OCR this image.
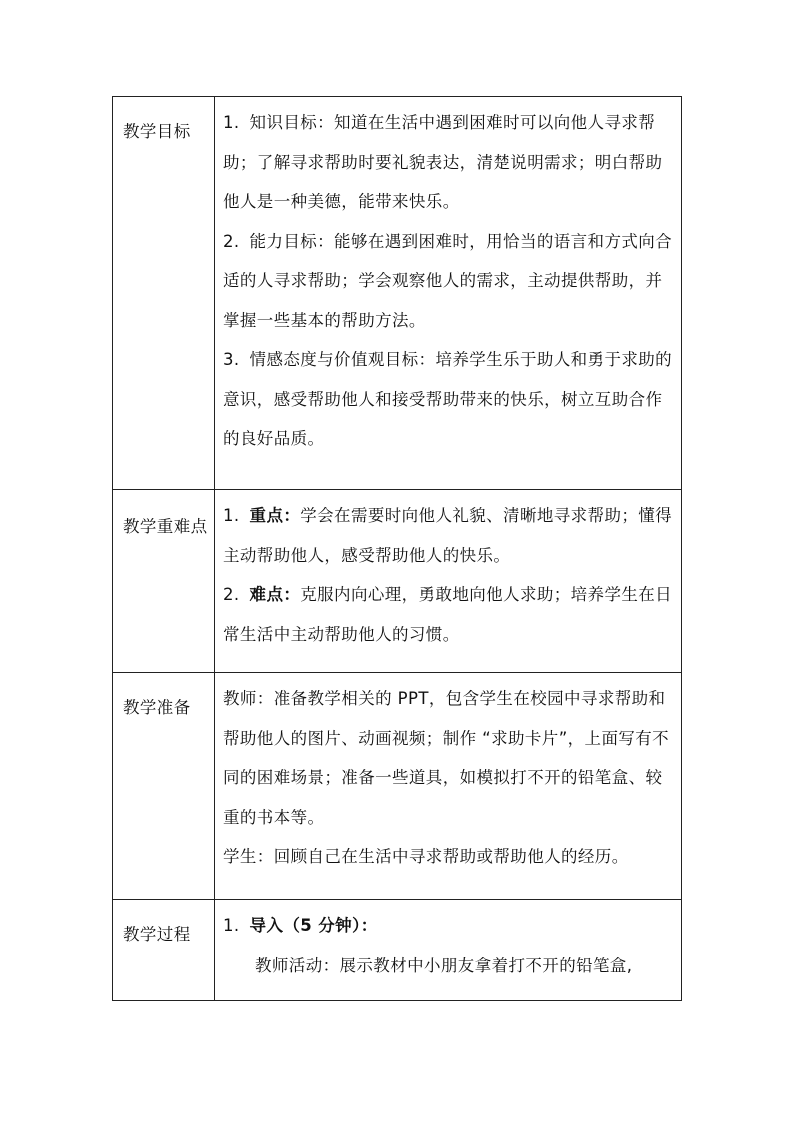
教学目标	1. 知识目标：知道在生活中遇到困难时可以向他人寻求帮助；了解寻求帮助时要礼貌表达，清楚说明需求；明白帮助他人是一种美德，能带来快乐。

2. 能力目标：能够在遇到困难时，用恰当的语言和方式向合适的人寻求帮助；学会观察他人的需求，主动提供帮助，并掌握一些基本的帮助方法。

3. 情感态度与价值观目标：培养学生乐于助人和勇于求助的意识，感受帮助他人和接受帮助带来的快乐，树立互助合作的良好品质。

教学重难点	1. 重点：学会在需要时向他人礼貌、清晰地寻求帮助；懂得主动帮助他人，感受帮助他人的快乐。

2. 难点：克服内向心理，勇敢地向他人求助；培养学生在日常生活中主动帮助他人的习惯。

教学准备	教师：准备教学相关的 PPT，包含学生在校园中寻求帮助和帮助他人的图片、动画视频；制作 “求助卡片”，上面写有不同的困难场景；准备一些道具，如模拟打不开的铅笔盒、较重的书本等。

学生：回顾自己在生活中寻求帮助或帮助他人的经历。

教学过程	1. 导入（5 分钟）：

教师活动：展示教材中小朋友拿着打不开的铅笔盒,
